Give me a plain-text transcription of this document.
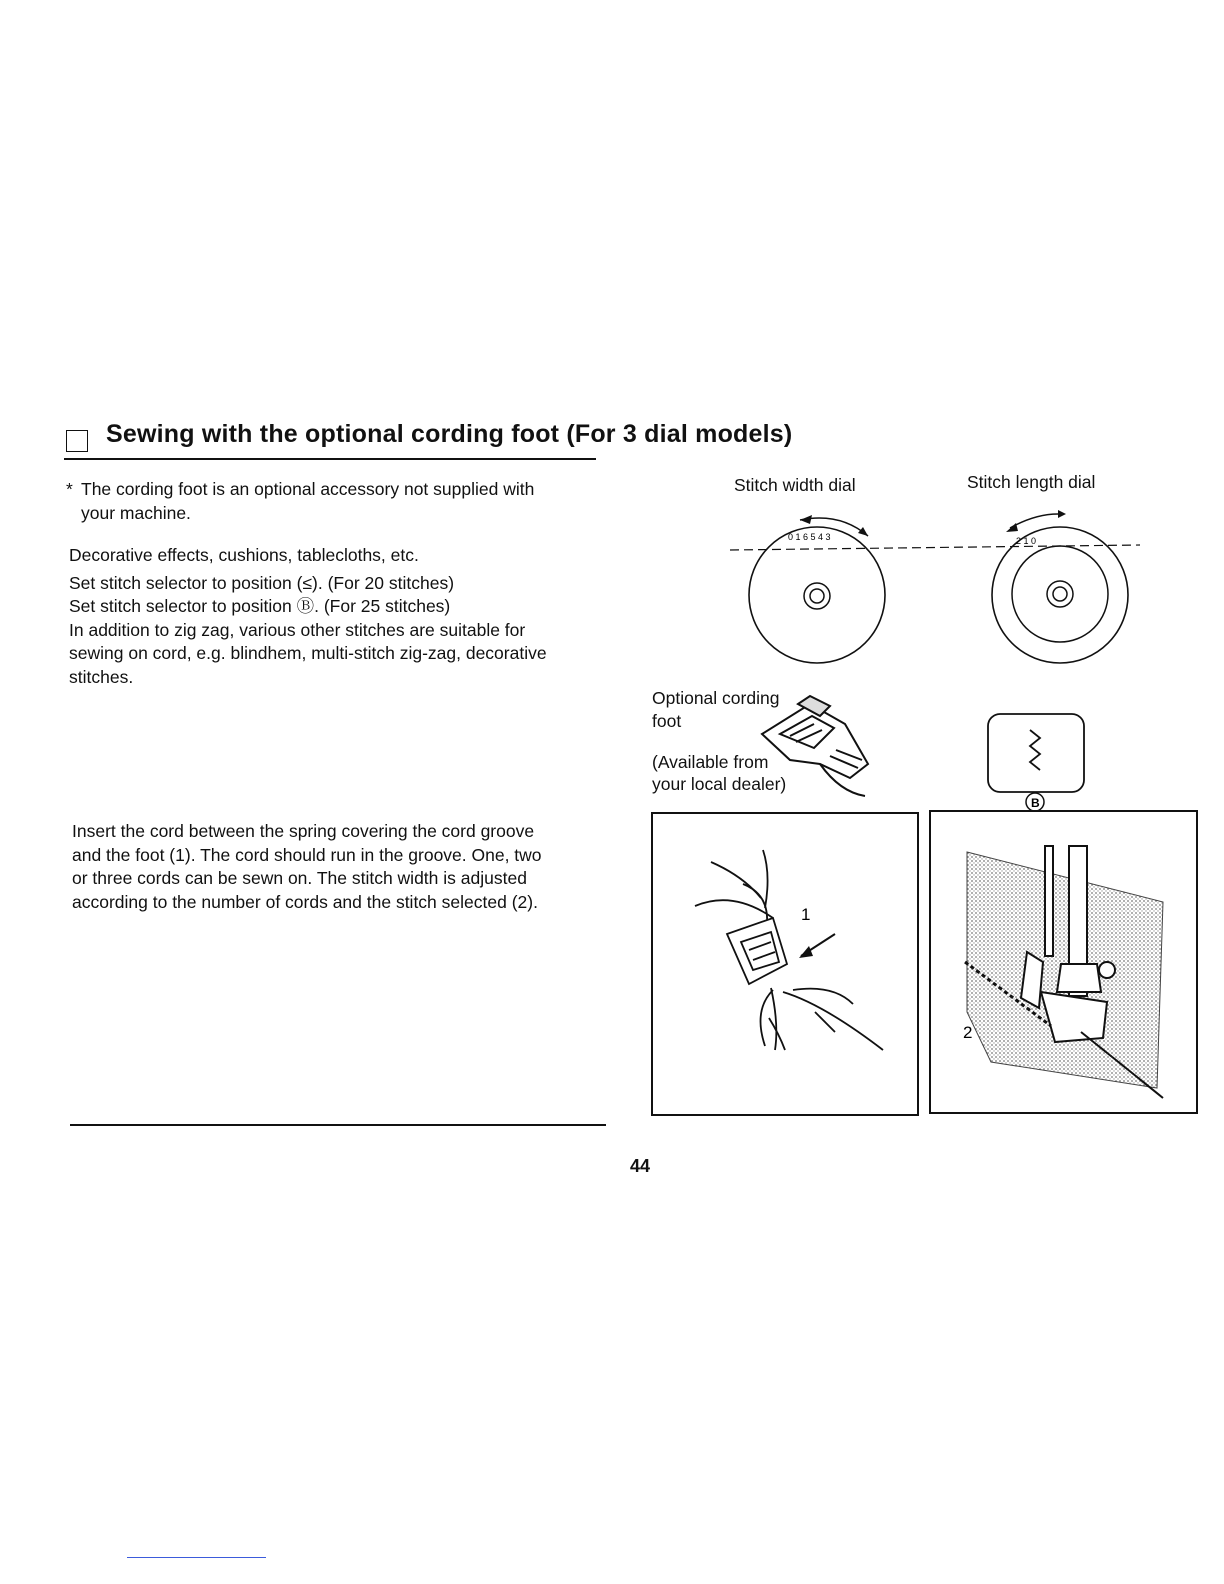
Sewing with the optional cording foot (For 3 dial models)
* The cording foot is an optional accessory not supplied with
your machine.
Decorative effects, cushions, tablecloths, etc.
Set stitch selector to position (≤). (For 20 stitches)
Set stitch selector to position Ⓑ. (For 25 stitches)
In addition to zig zag, various other stitches are suitable for
sewing on cord, e.g. blindhem, multi-stitch zig-zag, decorative
stitches.
Insert the cord between the spring covering the cord groove
and the foot (1). The cord should run in the groove. One, two
or three cords can be sewn on. The stitch width is adjusted
according to the number of cords and the stitch selected (2).
44
Stitch width dial	Stitch length dial
0 1 6 5 4 3	2 1 0
Optional cording
foot
(Available from
your local dealer)
B
1
2
